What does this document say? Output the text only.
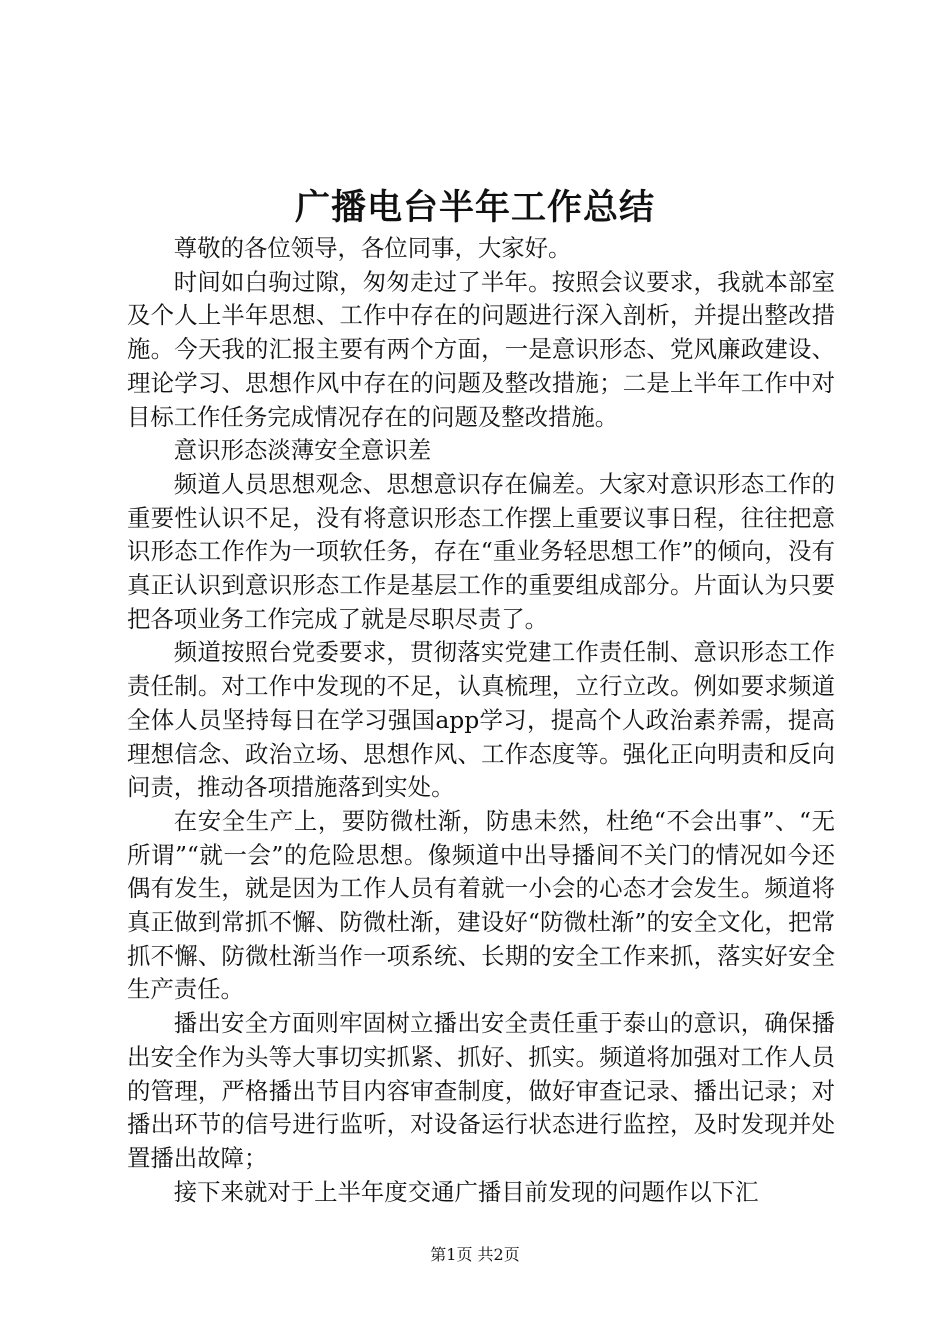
广播电台半年工作总结

尊敬的各位领导，各位同事，大家好。

时间如白驹过隙，匆匆走过了半年。按照会议要求，我就本部室及个人上半年思想、工作中存在的问题进行深入剖析，并提出整改措施。今天我的汇报主要有两个方面，一是意识形态、党风廉政建设、理论学习、思想作风中存在的问题及整改措施；二是上半年工作中对目标工作任务完成情况存在的问题及整改措施。

意识形态淡薄安全意识差

频道人员思想观念、思想意识存在偏差。大家对意识形态工作的重要性认识不足，没有将意识形态工作摆上重要议事日程，往往把意识形态工作作为一项软任务，存在“重业务轻思想工作”的倾向，没有真正认识到意识形态工作是基层工作的重要组成部分。片面认为只要把各项业务工作完成了就是尽职尽责了。

频道按照台党委要求，贯彻落实党建工作责任制、意识形态工作责任制。对工作中发现的不足，认真梳理，立行立改。例如要求频道全体人员坚持每日在学习强国app学习，提高个人政治素养需，提高理想信念、政治立场、思想作风、工作态度等。强化正向明责和反向问责，推动各项措施落到实处。

在安全生产上，要防微杜渐，防患未然，杜绝“不会出事”、“无所谓”“就一会”的危险思想。像频道中出导播间不关门的情况如今还偶有发生，就是因为工作人员有着就一小会的心态才会发生。频道将真正做到常抓不懈、防微杜渐，建设好“防微杜渐”的安全文化，把常抓不懈、防微杜渐当作一项系统、长期的安全工作来抓，落实好安全生产责任。

播出安全方面则牢固树立播出安全责任重于泰山的意识，确保播出安全作为头等大事切实抓紧、抓好、抓实。频道将加强对工作人员的管理，严格播出节目内容审查制度，做好审查记录、播出记录；对播出环节的信号进行监听，对设备运行状态进行监控，及时发现并处置播出故障；

接下来就对于上半年度交通广播目前发现的问题作以下汇

第1页 共2页
